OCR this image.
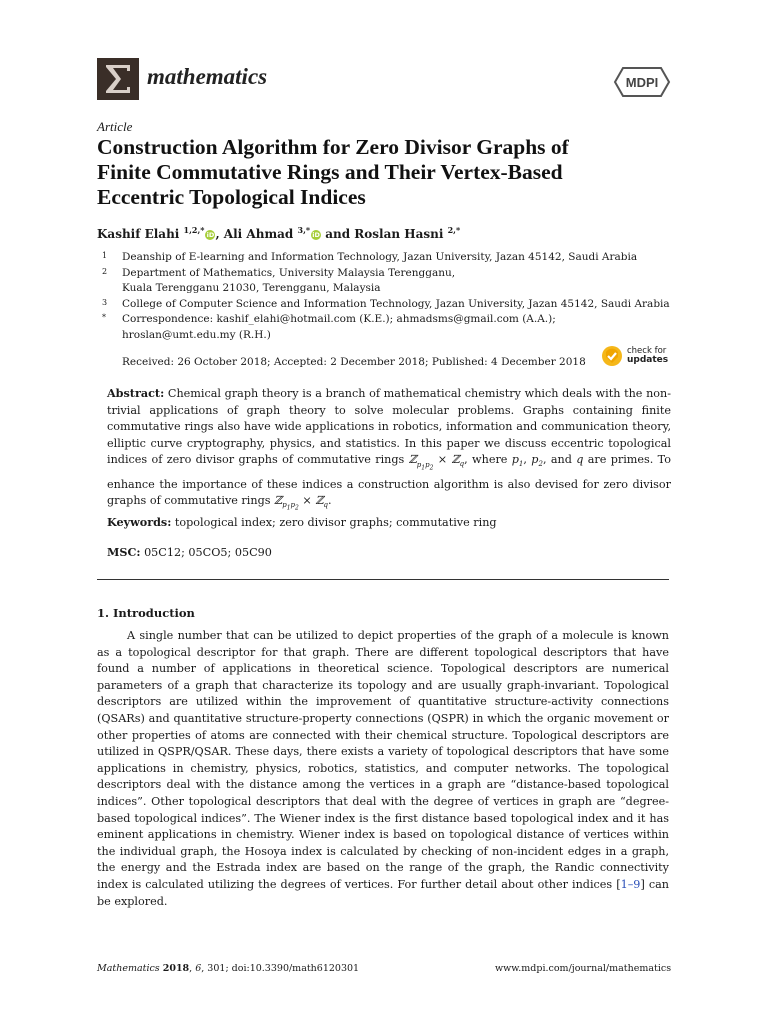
mathematics	MDPI
Article
Construction Algorithm for Zero Divisor Graphs of
Finite Commutative Rings and Their Vertex-Based
Eccentric Topological Indices
Kashif Elahi $^{1,2,*}$ iD, Ali Ahmad $^{3,*}$ iD and Roslan Hasni $^{2,*}$
1	Deanship of E-learning and Information Technology, Jazan University, Jazan 45142, Saudi Arabia
2	Department of Mathematics, University Malaysia Terengganu,
Kuala Terengganu 21030, Terengganu, Malaysia
3	College of Computer Science and Information Technology, Jazan University, Jazan 45142, Saudi Arabia
*	Correspondence: kashif_elahi@hotmail.com (K.E.); ahmadsms@gmail.com (A.A.);
hroslan@umt.edu.my (R.H.)
Received: 26 October 2018; Accepted: 2 December 2018; Published: 4 December 2018
check for
updates
Abstract: Chemical graph theory is a branch of mathematical chemistry which deals with the non-trivial applications of graph theory to solve molecular problems. Graphs containing finite commutative rings also have wide applications in robotics, information and communication theory, elliptic curve cryptography, physics, and statistics. In this paper we discuss eccentric topological indices of zero divisor graphs of commutative rings ℤ$_{p_1p_2}$ × ℤ$_q$, where $p_1$, $p_2$, and q are primes. To enhance the importance of these indices a construction algorithm is also devised for zero divisor graphs of commutative rings ℤ$_{p_1p_2}$ × ℤ$_q$.
Keywords: topological index; zero divisor graphs; commutative ring
MSC: 05C12; 05CO5; 05C90
1. Introduction

A single number that can be utilized to depict properties of the graph of a molecule is known as a topological descriptor for that graph. There are different topological descriptors that have found a number of applications in theoretical science. Topological descriptors are numerical parameters of a graph that characterize its topology and are usually graph-invariant. Topological descriptors are utilized within the improvement of quantitative structure-activity connections (QSARs) and quantitative structure-property connections (QSPR) in which the organic movement or other properties of atoms are connected with their chemical structure. Topological descriptors are utilized in QSPR/QSAR. These days, there exists a variety of topological descriptors that have some applications in chemistry, physics, robotics, statistics, and computer networks. The topological descriptors deal with the distance among the vertices in a graph are “distance-based topological indices”. Other topological descriptors that deal with the degree of vertices in graph are “degree-based topological indices”. The Wiener index is the first distance based topological index and it has eminent applications in chemistry. Wiener index is based on topological distance of vertices within the individual graph, the Hosoya index is calculated by checking of non-incident edges in a graph, the energy and the Estrada index are based on the range of the graph, the Randic connectivity index is calculated utilizing the degrees of vertices. For further detail about other indices [1–9] can be explored.

Mathematics 2018, 6, 301; doi:10.3390/math6120301	www.mdpi.com/journal/mathematics
